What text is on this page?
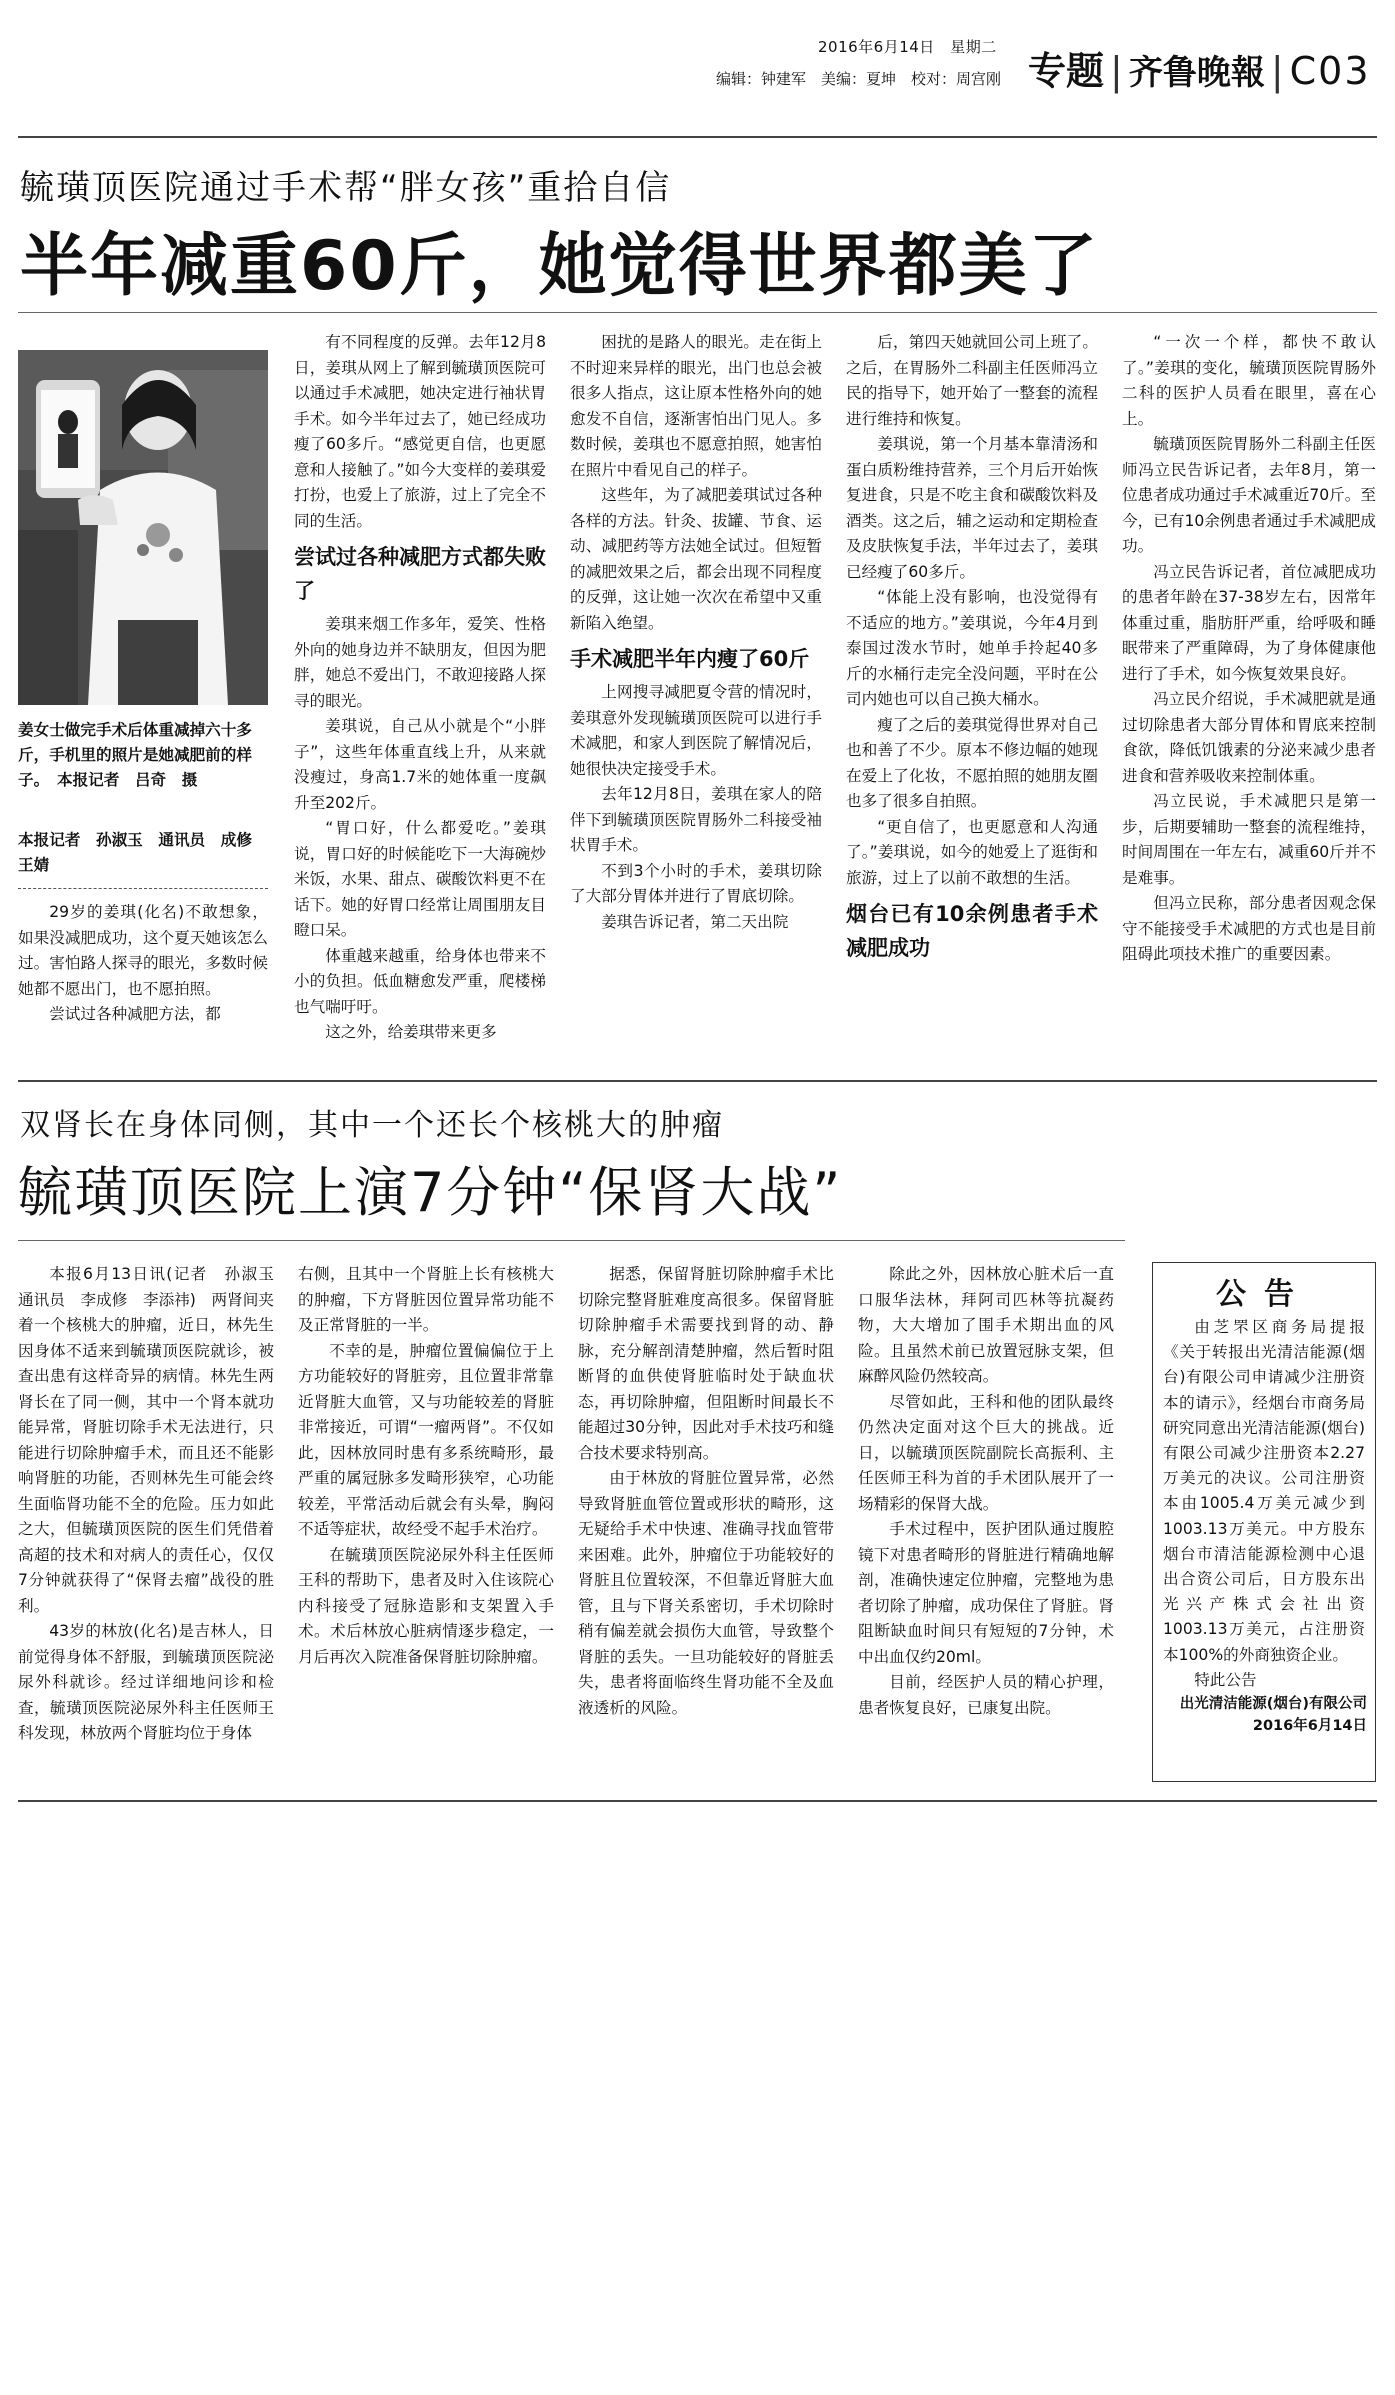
2016年6月14日　星期二
编辑：钟建军　美编：夏坤　校对：周宫刚 专题 | 齐鲁晚報 | C03
毓璜顶医院通过手术帮“胖女孩”重拾自信
半年减重60斤，她觉得世界都美了
姜女士做完手术后体重减掉六十多斤，手机里的照片是她减肥前的样子。　本报记者　吕奇　摄
本报记者　孙淑玉　通讯员　成修　王婧

29岁的姜琪(化名)不敢想象，如果没减肥成功，这个夏天她该怎么过。害怕路人探寻的眼光，多数时候她都不愿出门，也不愿拍照。

尝试过各种减肥方法，都

有不同程度的反弹。去年12月8日，姜琪从网上了解到毓璜顶医院可以通过手术减肥，她决定进行袖状胃手术。如今半年过去了，她已经成功瘦了60多斤。“感觉更自信，也更愿意和人接触了。”如今大变样的姜琪爱打扮，也爱上了旅游，过上了完全不同的生活。

尝试过各种减肥方式都失败了

姜琪来烟工作多年，爱笑、性格外向的她身边并不缺朋友，但因为肥胖，她总不爱出门，不敢迎接路人探寻的眼光。

姜琪说，自己从小就是个“小胖子”，这些年体重直线上升，从来就没瘦过，身高1.7米的她体重一度飙升至202斤。

“胃口好，什么都爱吃。”姜琪说，胃口好的时候能吃下一大海碗炒米饭，水果、甜点、碳酸饮料更不在话下。她的好胃口经常让周围朋友目瞪口呆。

体重越来越重，给身体也带来不小的负担。低血糖愈发严重，爬楼梯也气喘吁吁。

这之外，给姜琪带来更多

困扰的是路人的眼光。走在街上不时迎来异样的眼光，出门也总会被很多人指点，这让原本性格外向的她愈发不自信，逐渐害怕出门见人。多数时候，姜琪也不愿意拍照，她害怕在照片中看见自己的样子。

这些年，为了减肥姜琪试过各种各样的方法。针灸、拔罐、节食、运动、减肥药等方法她全试过。但短暂的减肥效果之后，都会出现不同程度的反弹，这让她一次次在希望中又重新陷入绝望。

手术减肥半年内瘦了60斤

上网搜寻减肥夏令营的情况时，姜琪意外发现毓璜顶医院可以进行手术减肥，和家人到医院了解情况后，她很快决定接受手术。

去年12月8日，姜琪在家人的陪伴下到毓璜顶医院胃肠外二科接受袖状胃手术。

不到3个小时的手术，姜琪切除了大部分胃体并进行了胃底切除。

姜琪告诉记者，第二天出院

后，第四天她就回公司上班了。之后，在胃肠外二科副主任医师冯立民的指导下，她开始了一整套的流程进行维持和恢复。

姜琪说，第一个月基本靠清汤和蛋白质粉维持营养，三个月后开始恢复进食，只是不吃主食和碳酸饮料及酒类。这之后，辅之运动和定期检查及皮肤恢复手法，半年过去了，姜琪已经瘦了60多斤。

“体能上没有影响，也没觉得有不适应的地方。”姜琪说，今年4月到泰国过泼水节时，她单手拎起40多斤的水桶行走完全没问题，平时在公司内她也可以自己换大桶水。

瘦了之后的姜琪觉得世界对自己也和善了不少。原本不修边幅的她现在爱上了化妆，不愿拍照的她朋友圈也多了很多自拍照。

“更自信了，也更愿意和人沟通了。”姜琪说，如今的她爱上了逛街和旅游，过上了以前不敢想的生活。

烟台已有10余例患者手术减肥成功

“一次一个样，都快不敢认了。”姜琪的变化，毓璜顶医院胃肠外二科的医护人员看在眼里，喜在心上。

毓璜顶医院胃肠外二科副主任医师冯立民告诉记者，去年8月，第一位患者成功通过手术减重近70斤。至今，已有10余例患者通过手术减肥成功。

冯立民告诉记者，首位减肥成功的患者年龄在37-38岁左右，因常年体重过重，脂肪肝严重，给呼吸和睡眠带来了严重障碍，为了身体健康他进行了手术，如今恢复效果良好。

冯立民介绍说，手术减肥就是通过切除患者大部分胃体和胃底来控制食欲，降低饥饿素的分泌来减少患者进食和营养吸收来控制体重。

冯立民说，手术减肥只是第一步，后期要辅助一整套的流程维持，时间周围在一年左右，减重60斤并不是难事。

但冯立民称，部分患者因观念保守不能接受手术减肥的方式也是目前阻碍此项技术推广的重要因素。

双肾长在身体同侧，其中一个还长个核桃大的肿瘤
毓璜顶医院上演7分钟“保肾大战”

本报6月13日讯(记者　孙淑玉　通讯员　李成修　李添祎)　两肾间夹着一个核桃大的肿瘤，近日，林先生因身体不适来到毓璜顶医院就诊，被查出患有这样奇异的病情。林先生两肾长在了同一侧，其中一个肾本就功能异常，肾脏切除手术无法进行，只能进行切除肿瘤手术，而且还不能影响肾脏的功能，否则林先生可能会终生面临肾功能不全的危险。压力如此之大，但毓璜顶医院的医生们凭借着高超的技术和对病人的责任心，仅仅7分钟就获得了“保肾去瘤”战役的胜利。

43岁的林放(化名)是吉林人，日前觉得身体不舒服，到毓璜顶医院泌尿外科就诊。经过详细地问诊和检查，毓璜顶医院泌尿外科主任医师王科发现，林放两个肾脏均位于身体

右侧，且其中一个肾脏上长有核桃大的肿瘤，下方肾脏因位置异常功能不及正常肾脏的一半。

不幸的是，肿瘤位置偏偏位于上方功能较好的肾脏旁，且位置非常靠近肾脏大血管，又与功能较差的肾脏非常接近，可谓“一瘤两肾”。不仅如此，因林放同时患有多系统畸形，最严重的属冠脉多发畸形狭窄，心功能较差，平常活动后就会有头晕，胸闷不适等症状，故经受不起手术治疗。

在毓璜顶医院泌尿外科主任医师王科的帮助下，患者及时入住该院心内科接受了冠脉造影和支架置入手术。术后林放心脏病情逐步稳定，一月后再次入院准备保肾脏切除肿瘤。

据悉，保留肾脏切除肿瘤手术比切除完整肾脏难度高很多。保留肾脏切除肿瘤手术需要找到肾的动、静脉，充分解剖清楚肿瘤，然后暂时阻断肾的血供使肾脏临时处于缺血状态，再切除肿瘤，但阻断时间最长不能超过30分钟，因此对手术技巧和缝合技术要求特别高。

由于林放的肾脏位置异常，必然导致肾脏血管位置或形状的畸形，这无疑给手术中快速、准确寻找血管带来困难。此外，肿瘤位于功能较好的肾脏且位置较深，不但靠近肾脏大血管，且与下肾关系密切，手术切除时稍有偏差就会损伤大血管，导致整个肾脏的丢失。一旦功能较好的肾脏丢失，患者将面临终生肾功能不全及血液透析的风险。

除此之外，因林放心脏术后一直口服华法林，拜阿司匹林等抗凝药物，大大增加了围手术期出血的风险。且虽然术前已放置冠脉支架，但麻醉风险仍然较高。

尽管如此，王科和他的团队最终仍然决定面对这个巨大的挑战。近日，以毓璜顶医院副院长高振利、主任医师王科为首的手术团队展开了一场精彩的保肾大战。

手术过程中，医护团队通过腹腔镜下对患者畸形的肾脏进行精确地解剖，准确快速定位肿瘤，完整地为患者切除了肿瘤，成功保住了肾脏。肾阻断缺血时间只有短短的7分钟，术中出血仅约20ml。

目前，经医护人员的精心护理，患者恢复良好，已康复出院。

公告

由芝罘区商务局提报《关于转报出光清洁能源(烟台)有限公司申请减少注册资本的请示》，经烟台市商务局研究同意出光清洁能源(烟台)有限公司减少注册资本2.27万美元的决议。公司注册资本由1005.4万美元减少到1003.13万美元。中方股东烟台市清洁能源检测中心退出合资公司后，日方股东出光兴产株式会社出资1003.13万美元，占注册资本100%的外商独资企业。

特此公告

出光清洁能源(烟台)有限公司
2016年6月14日
